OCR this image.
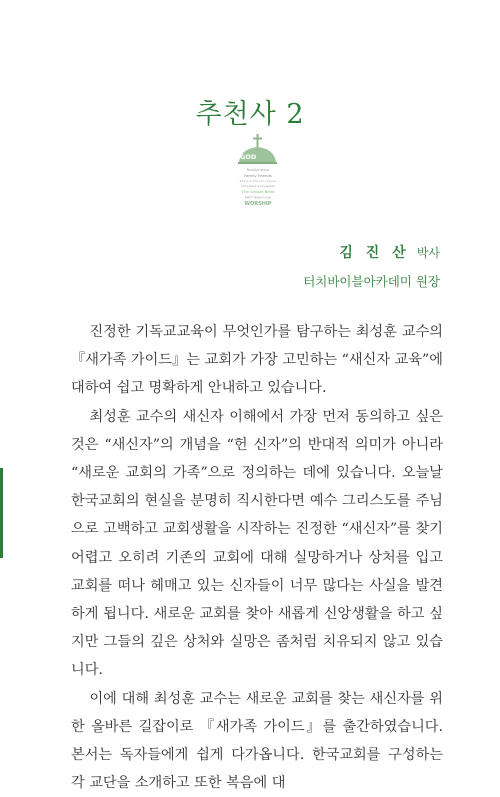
추천사 2
GOD
Relationships
Family Friends
Believe and Become a Disciple
Discipleship & Evangelism
The Gospel Bible
Faith Hope Love
WORSHIP
김 진 산 박사
터치바이블아카데미 원장

진정한 기독교교육이 무엇인가를 탐구하는 최성훈 교수의 『새가족 가이드』는 교회가 가장 고민하는 “새신자 교육”에 대하여 쉽고 명확하게 안내하고 있습니다.

최성훈 교수의 새신자 이해에서 가장 먼저 동의하고 싶은 것은 “새신자”의 개념을 “헌 신자”의 반대적 의미가 아니라 “새로운 교회의 가족”으로 정의하는 데에 있습니다. 오늘날 한국교회의 현실을 분명히 직시한다면 예수 그리스도를 주님으로 고백하고 교회생활을 시작하는 진정한 “새신자”를 찾기 어렵고 오히려 기존의 교회에 대해 실망하거나 상처를 입고 교회를 떠나 헤매고 있는 신자들이 너무 많다는 사실을 발견하게 됩니다. 새로운 교회를 찾아 새롭게 신앙생활을 하고 싶지만 그들의 깊은 상처와 실망은 좀처럼 치유되지 않고 있습니다.

이에 대해 최성훈 교수는 새로운 교회를 찾는 새신자를 위한 올바른 길잡이로 『새가족 가이드』를 출간하였습니다. 본서는 독자들에게 쉽게 다가옵니다. 한국교회를 구성하는 각 교단을 소개하고 또한 복음에 대
